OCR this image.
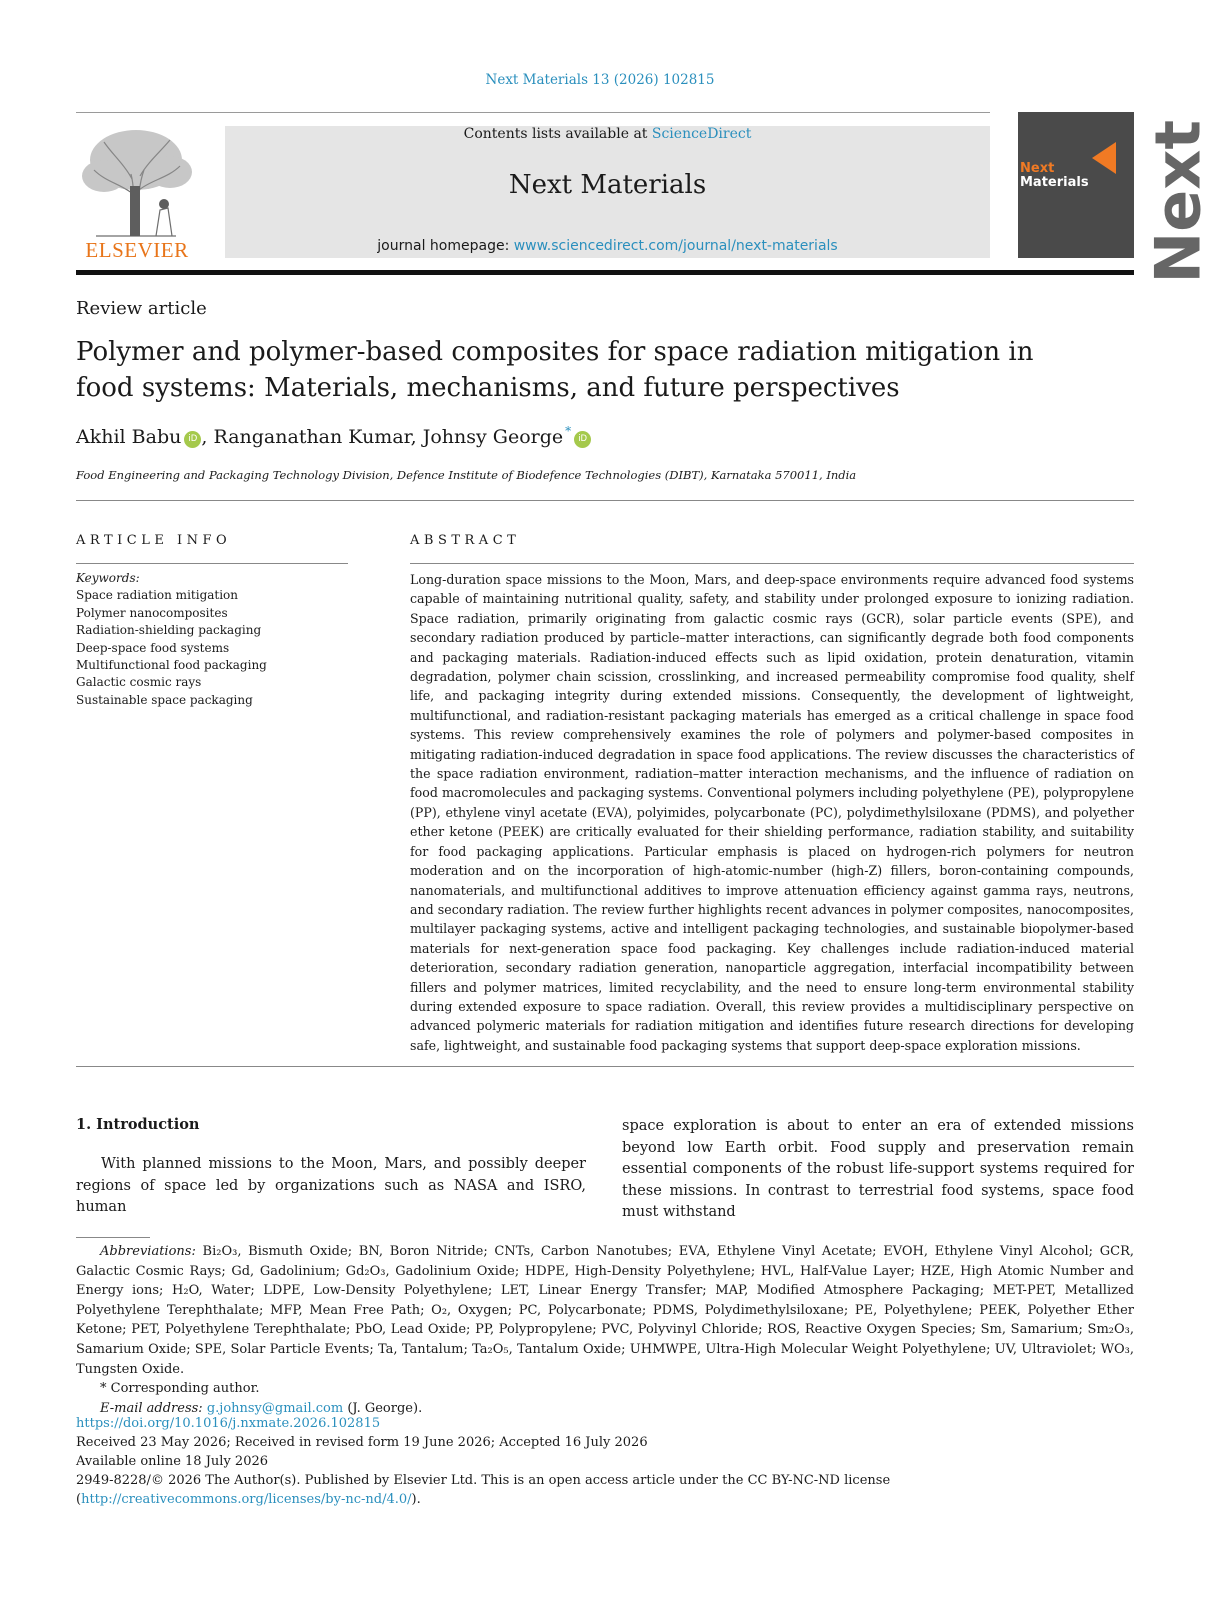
Next Materials 13 (2026) 102815
ELSEVIER
Contents lists available at ScienceDirect
Next Materials
journal homepage: www.sciencedirect.com/journal/next-materials	Next
Next
Materials
Review article
Polymer and polymer-based composites for space radiation mitigation in food systems: Materials, mechanisms, and future perspectives
Akhil Babu iD , Ranganathan Kumar, Johnsy George *iD
Food Engineering and Packaging Technology Division, Defence Institute of Biodefence Technologies (DIBT), Karnataka 570011, India
ARTICLE INFO
Keywords:
Space radiation mitigation
Polymer nanocomposites
Radiation-shielding packaging
Deep-space food systems
Multifunctional food packaging
Galactic cosmic rays
Sustainable space packaging
ABSTRACT
Long-duration space missions to the Moon, Mars, and deep-space environments require advanced food systems capable of maintaining nutritional quality, safety, and stability under prolonged exposure to ionizing radiation. Space radiation, primarily originating from galactic cosmic rays (GCR), solar particle events (SPE), and secondary radiation produced by particle–matter interactions, can significantly degrade both food components and packaging materials. Radiation-induced effects such as lipid oxidation, protein denaturation, vitamin degradation, polymer chain scission, crosslinking, and increased permeability compromise food quality, shelf life, and packaging integrity during extended missions. Consequently, the development of lightweight, multifunctional, and radiation-resistant packaging materials has emerged as a critical challenge in space food systems. This review comprehensively examines the role of polymers and polymer-based composites in mitigating radiation-induced degradation in space food applications. The review discusses the characteristics of the space radiation environment, radiation–matter interaction mechanisms, and the influence of radiation on food macromolecules and packaging systems. Conventional polymers including polyethylene (PE), polypropylene (PP), ethylene vinyl acetate (EVA), polyimides, polycarbonate (PC), polydimethylsiloxane (PDMS), and polyether ether ketone (PEEK) are critically evaluated for their shielding performance, radiation stability, and suitability for food packaging applications. Particular emphasis is placed on hydrogen-rich polymers for neutron moderation and on the incorporation of high-atomic-number (high-Z) fillers, boron-containing compounds, nanomaterials, and multifunctional additives to improve attenuation efficiency against gamma rays, neutrons, and secondary radiation. The review further highlights recent advances in polymer composites, nanocomposites, multilayer packaging systems, active and intelligent packaging technologies, and sustainable biopolymer-based materials for next-generation space food packaging. Key challenges include radiation-induced material deterioration, secondary radiation generation, nanoparticle aggregation, interfacial incompatibility between fillers and polymer matrices, limited recyclability, and the need to ensure long-term environmental stability during extended exposure to space radiation. Overall, this review provides a multidisciplinary perspective on advanced polymeric materials for radiation mitigation and identifies future research directions for developing safe, lightweight, and sustainable food packaging systems that support deep-space exploration missions.
1. Introduction
With planned missions to the Moon, Mars, and possibly deeper regions of space led by organizations such as NASA and ISRO, human
space exploration is about to enter an era of extended missions beyond low Earth orbit. Food supply and preservation remain essential components of the robust life-support systems required for these missions. In contrast to terrestrial food systems, space food must withstand
Abbreviations: Bi₂O₃, Bismuth Oxide; BN, Boron Nitride; CNTs, Carbon Nanotubes; EVA, Ethylene Vinyl Acetate; EVOH, Ethylene Vinyl Alcohol; GCR, Galactic Cosmic Rays; Gd, Gadolinium; Gd₂O₃, Gadolinium Oxide; HDPE, High-Density Polyethylene; HVL, Half-Value Layer; HZE, High Atomic Number and Energy ions; H₂O, Water; LDPE, Low-Density Polyethylene; LET, Linear Energy Transfer; MAP, Modified Atmosphere Packaging; MET-PET, Metallized Polyethylene Terephthalate; MFP, Mean Free Path; O₂, Oxygen; PC, Polycarbonate; PDMS, Polydimethylsiloxane; PE, Polyethylene; PEEK, Polyether Ether Ketone; PET, Polyethylene Terephthalate; PbO, Lead Oxide; PP, Polypropylene; PVC, Polyvinyl Chloride; ROS, Reactive Oxygen Species; Sm, Samarium; Sm₂O₃, Samarium Oxide; SPE, Solar Particle Events; Ta, Tantalum; Ta₂O₅, Tantalum Oxide; UHMWPE, Ultra-High Molecular Weight Polyethylene; UV, Ultraviolet; WO₃, Tungsten Oxide.
* Corresponding author.
E-mail address: g.johnsy@gmail.com (J. George).
https://doi.org/10.1016/j.nxmate.2026.102815
Received 23 May 2026; Received in revised form 19 June 2026; Accepted 16 July 2026
Available online 18 July 2026
2949-8228/© 2026 The Author(s). Published by Elsevier Ltd. This is an open access article under the CC BY-NC-ND license (http://creativecommons.org/licenses/by-nc-nd/4.0/).
